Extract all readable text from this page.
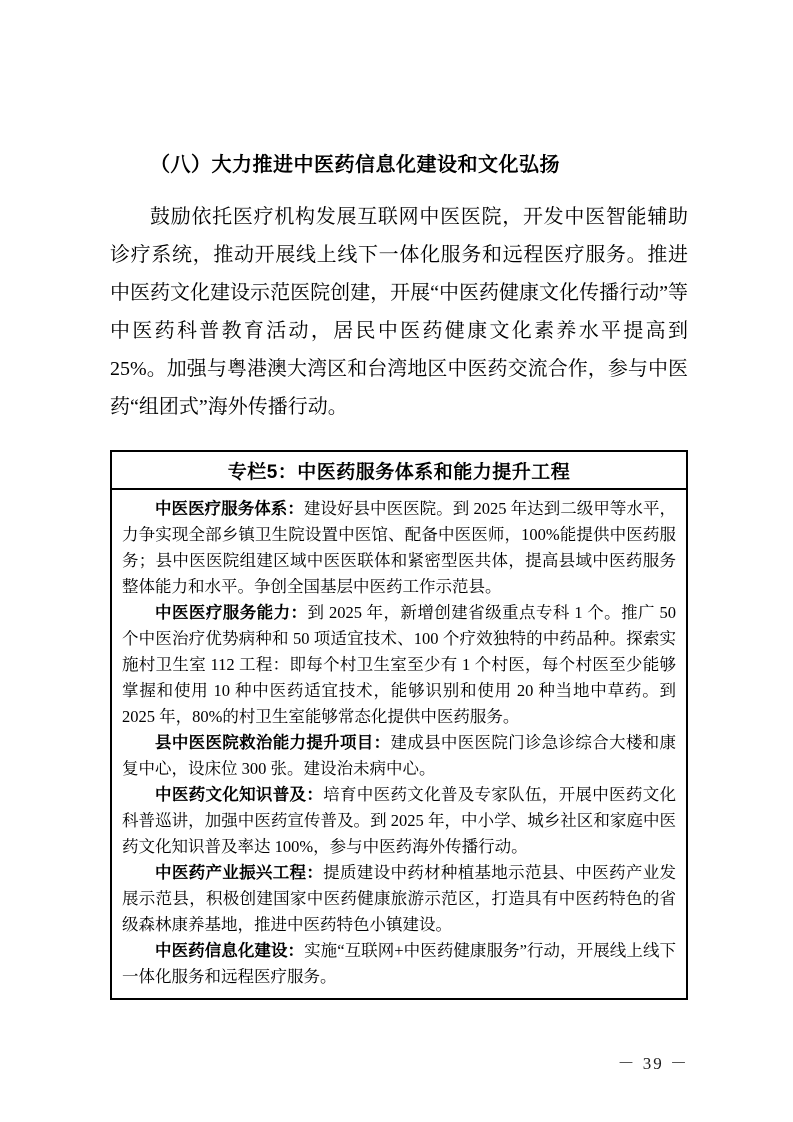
（八）大力推进中医药信息化建设和文化弘扬

鼓励依托医疗机构发展互联网中医医院，开发中医智能辅助诊疗系统，推动开展线上线下一体化服务和远程医疗服务。推进中医药文化建设示范医院创建，开展“中医药健康文化传播行动”等中医药科普教育活动，居民中医药健康文化素养水平提高到 25%。加强与粤港澳大湾区和台湾地区中医药交流合作，参与中医药“组团式”海外传播行动。

专栏5：中医药服务体系和能力提升工程

中医医疗服务体系：建设好县中医医院。到 2025 年达到二级甲等水平，力争实现全部乡镇卫生院设置中医馆、配备中医医师，100%能提供中医药服务；县中医医院组建区域中医医联体和紧密型医共体，提高县域中医药服务整体能力和水平。争创全国基层中医药工作示范县。

中医医疗服务能力：到 2025 年，新增创建省级重点专科 1 个。推广 50 个中医治疗优势病种和 50 项适宜技术、100 个疗效独特的中药品种。探索实施村卫生室 112 工程：即每个村卫生室至少有 1 个村医，每个村医至少能够掌握和使用 10 种中医药适宜技术，能够识别和使用 20 种当地中草药。到 2025 年，80%的村卫生室能够常态化提供中医药服务。

县中医医院救治能力提升项目：建成县中医医院门诊急诊综合大楼和康复中心，设床位 300 张。建设治未病中心。

中医药文化知识普及：培育中医药文化普及专家队伍，开展中医药文化科普巡讲，加强中医药宣传普及。到 2025 年，中小学、城乡社区和家庭中医药文化知识普及率达 100%，参与中医药海外传播行动。

中医药产业振兴工程：提质建设中药材种植基地示范县、中医药产业发展示范县，积极创建国家中医药健康旅游示范区，打造具有中医药特色的省级森林康养基地，推进中医药特色小镇建设。

中医药信息化建设：实施“互联网+中医药健康服务”行动，开展线上线下一体化服务和远程医疗服务。

－ 39 －
